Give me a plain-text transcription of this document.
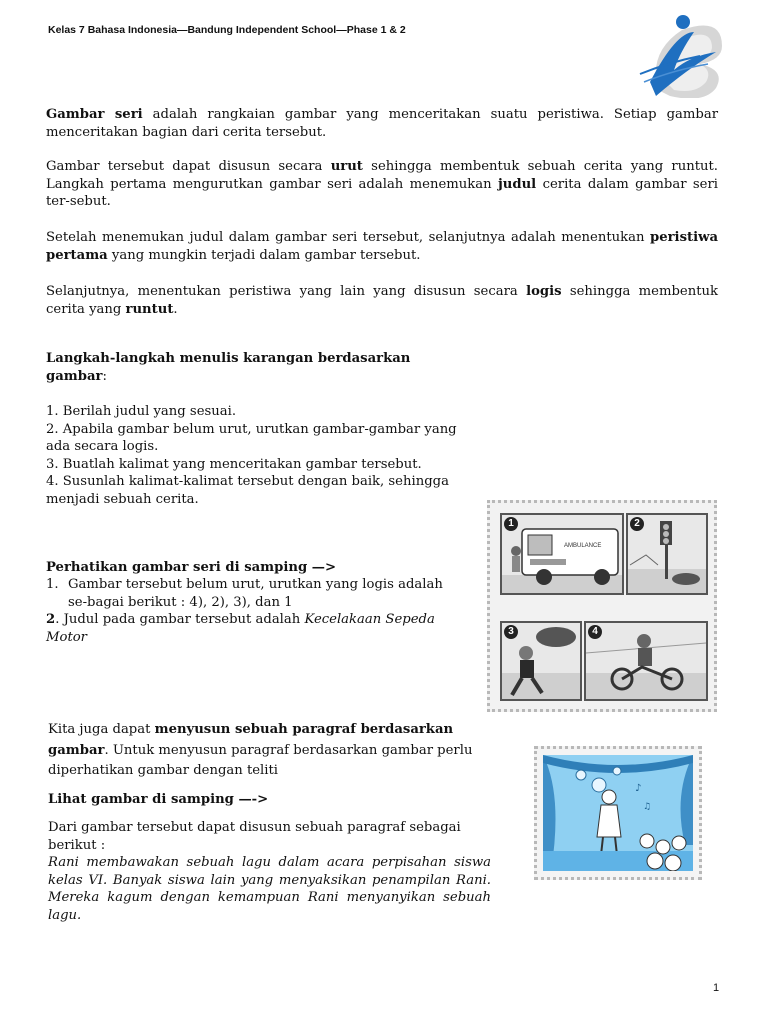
Kelas 7 Bahasa Indonesia—Bandung Independent School—Phase 1 & 2

Gambar seri adalah rangkaian gambar yang menceritakan suatu peristiwa. Setiap gambar menceritakan bagian dari cerita tersebut.

Gambar tersebut dapat disusun secara urut sehingga membentuk sebuah cerita yang runtut. Langkah pertama mengurutkan gambar seri adalah menemukan judul cerita dalam gambar seri ter-sebut.

Setelah menemukan judul dalam gambar seri tersebut, selanjutnya adalah menentukan peristiwa pertama yang mungkin terjadi dalam gambar tersebut.

Selanjutnya, menentukan peristiwa yang lain yang disusun secara logis sehingga membentuk cerita yang runtut.

Langkah-langkah menulis karangan berdasarkan gambar:

1. Berilah judul yang sesuai.
2. Apabila gambar belum urut, urutkan gambar-gambar yang ada secara logis.
3. Buatlah kalimat yang menceritakan gambar tersebut.
4. Susunlah kalimat-kalimat tersebut dengan baik, sehingga menjadi sebuah cerita.

Perhatikan gambar seri di samping —>

1. Gambar tersebut belum urut, urutkan yang logis adalah se-bagai berikut : 4), 2), 3), dan 1
2. Judul pada gambar tersebut adalah Kecelakaan Sepeda Motor
AMBULANCE
1	2
3	4

Kita juga dapat menyusun sebuah paragraf berdasarkan gambar. Untuk menyusun paragraf berdasarkan gambar perlu diperhatikan gambar dengan teliti

Lihat gambar di samping —->

Dari gambar tersebut dapat disusun sebuah paragraf sebagai berikut :
Rani membawakan sebuah lagu dalam acara perpisahan siswa kelas VI. Banyak siswa lain yang menyaksikan penampilan Rani. Mereka kagum dengan kemampuan Rani menyanyikan sebuah lagu.
♪
♫
1
